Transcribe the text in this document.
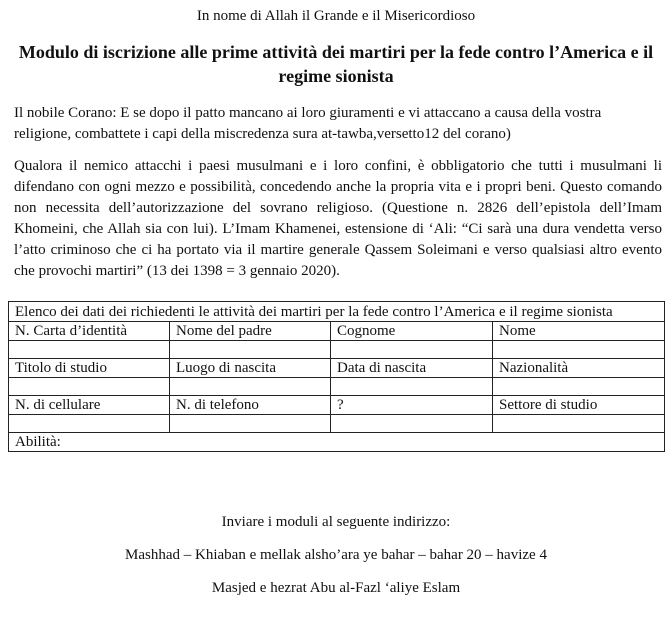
In nome di Allah il Grande e il Misericordioso
Modulo di iscrizione alle prime attività dei martiri per la fede contro l’America e il regime sionista
Il nobile Corano: E se dopo il patto mancano ai loro giuramenti e vi attaccano a causa della vostra religione, combattete i capi della miscredenza sura at-tawba,versetto12 del corano)
Qualora il nemico attacchi i paesi musulmani e i loro confini, è obbligatorio che tutti i musulmani li difendano con ogni mezzo e possibilità, concedendo anche la propria vita e i propri beni. Questo comando non necessita dell’autorizzazione del sovrano religioso. (Questione n. 2826 dell’epistola dell’Imam Khomeini, che Allah sia con lui). L’Imam Khamenei, estensione di ‘Ali: “Ci sarà una dura vendetta verso l’atto criminoso che ci ha portato via il martire generale Qassem Soleimani e verso qualsiasi altro evento che provochi martiri” (13 dei 1398 = 3 gennaio 2020).
Elenco dei dati dei richiedenti le attività dei martiri per la fede contro l’America e il regime sionista			
N. Carta d’identità	Nome del padre	Cognome	Nome

Titolo di studio	Luogo di nascita	Data di nascita	Nazionalità

N. di cellulare	N. di telefono	?	Settore di studio

Abilità:			
Inviare i moduli al seguente indirizzo:
Mashhad – Khiaban e mellak alsho’ara ye bahar – bahar 20 – havize 4
Masjed e hezrat Abu al-Fazl ‘aliye Eslam
